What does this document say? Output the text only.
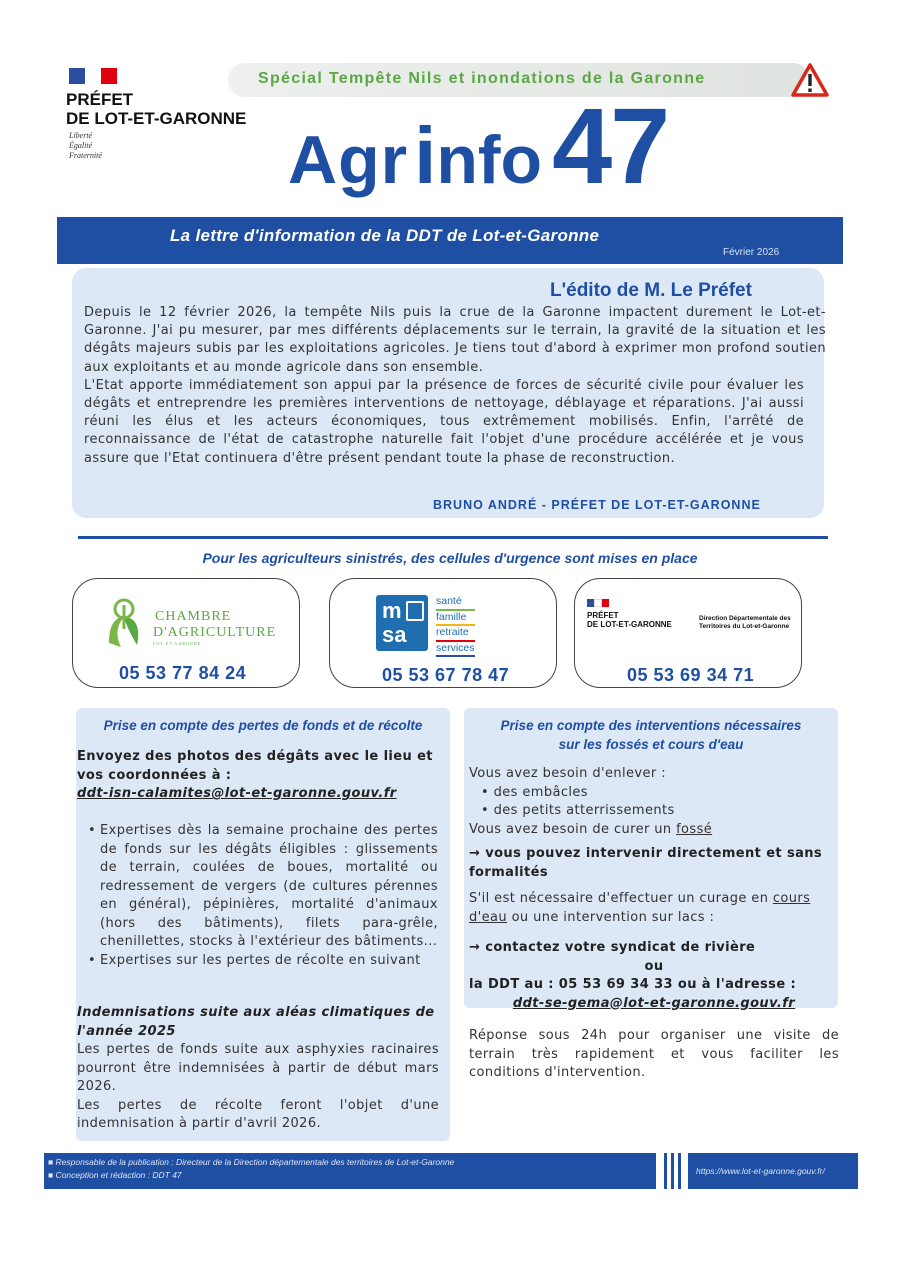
PRÉFET
DE LOT-ET-GARONNE
Liberté
Égalité
Fraternité
Spécial Tempête Nils et inondations de la Garonne
Agrinfo47
La lettre d'information de la DDT de Lot-et-Garonne
Février 2026
L'édito de M. Le Préfet
Depuis le 12 février 2026, la tempête Nils puis la crue de la Garonne impactent durement le Lot-et-Garonne. J'ai pu mesurer, par mes différents déplacements sur le terrain, la gravité de la situation et les dégâts majeurs subis par les exploitations agricoles. Je tiens tout d'abord à exprimer mon profond soutien aux exploitants et au monde agricole dans son ensemble.
L'Etat apporte immédiatement son appui par la présence de forces de sécurité civile pour évaluer les dégâts et entreprendre les premières interventions de nettoyage, déblayage et réparations. J'ai aussi réuni les élus et les acteurs économiques, tous extrêmement mobilisés. Enfin, l'arrêté de reconnaissance de l'état de catastrophe naturelle fait l'objet d'une procédure accélérée et je vous assure que l'Etat continuera d'être présent pendant toute la phase de reconstruction.
BRUNO ANDRÉ - PRÉFET DE LOT-ET-GARONNE
Pour les agriculteurs sinistrés, des cellules d'urgence sont mises en place
CHAMBRE
D'AGRICULTURE
LOT-ET-GARONNE
05 53 77 84 24
m
sa
santé
famille
retraite
services
05 53 67 78 47
PRÉFET
DE LOT-ET-GARONNE
Direction Départementale des Territoires du Lot-et-Garonne
05 53 69 34 71
Prise en compte des pertes de fonds et de récolte
Envoyez des photos des dégâts avec le lieu et vos coordonnées à :
ddt-isn-calamites@lot-et-garonne.gouv.fr
• Expertises dès la semaine prochaine des pertes de fonds sur les dégâts éligibles : glissements de terrain, coulées de boues, mortalité ou redressement de vergers (de cultures pérennes en général), pépinières, mortalité d'animaux (hors des bâtiments), filets para-grêle, chenillettes, stocks à l'extérieur des bâtiments...
• Expertises sur les pertes de récolte en suivant
Indemnisations suite aux aléas climatiques de l'année 2025
Les pertes de fonds suite aux asphyxies racinaires pourront être indemnisées à partir de début mars 2026.
Les pertes de récolte feront l'objet d'une indemnisation à partir d'avril 2026.
Prise en compte des interventions nécessaires
sur les fossés et cours d'eau
Vous avez besoin d'enlever :
• des embâcles
• des petits atterrissements
Vous avez besoin de curer un fossé
→ vous pouvez intervenir directement et sans formalités
S'il est nécessaire d'effectuer un curage en cours d'eau ou une intervention sur lacs :
→ contactez votre syndicat de rivière
ou
la DDT au : 05 53 69 34 33 ou à l'adresse :
ddt-se-gema@lot-et-garonne.gouv.fr
Réponse sous 24h pour organiser une visite de terrain très rapidement et vous faciliter les conditions d'intervention.
■ Responsable de la publication : Directeur de la Direction départementale des territoires de Lot-et-Garonne
■ Conception et rédaction : DDT 47	https://www.lot-et-garonne.gouv.fr/
